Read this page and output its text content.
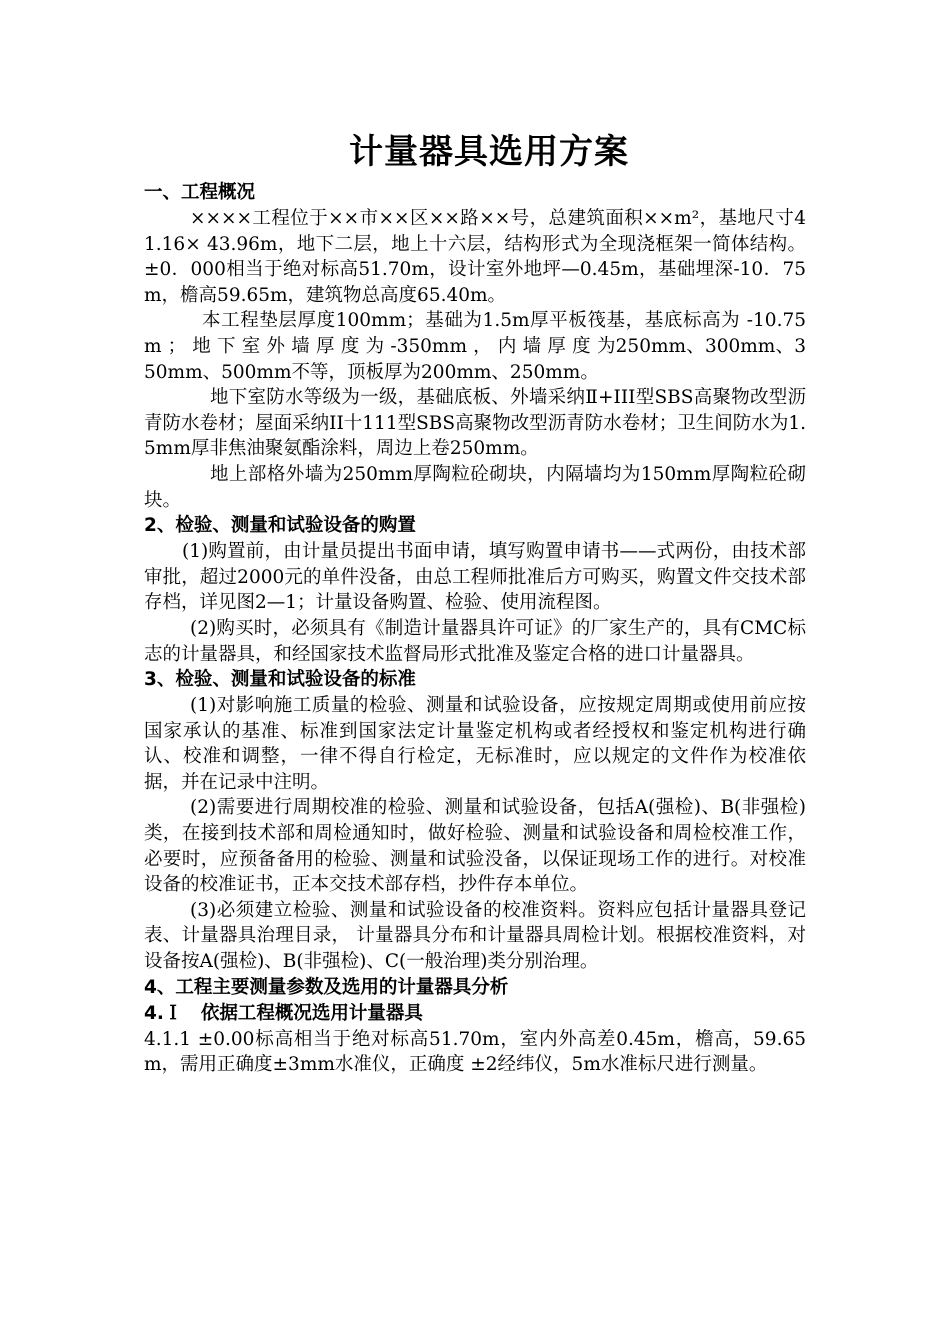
计量器具选用方案
一、工程概况

××××工程位于××市××区××路××号，总建筑面积××m²，基地尺寸41.16× 43.96m，地下二层，地上十六层，结构形式为全现浇框架一简体结构。±0．000相当于绝对标高51.70m，设计室外地坪—0.45m，基础埋深-10．75m，檐高59.65m，建筑物总高度65.40m。

本工程垫层厚度100mm；基础为1.5m厚平板筏基，基底标高为 -10.75m ； 地 下 室 外 墙 厚 度 为 -350mm ， 内 墙 厚 度 为250mm、300mm、350mm、500mm不等，顶板厚为200mm、250mm。

地下室防水等级为一级，基础底板、外墙采纳Ⅱ+III型SBS高聚物改型沥青防水卷材；屋面采纳II十111型SBS高聚物改型沥青防水卷材；卫生间防水为1.5mm厚非焦油聚氨酯涂料，周边上卷250mm。

地上部格外墙为250mm厚陶粒砼砌块，内隔墙均为150mm厚陶粒砼砌块。

2、检验、测量和试验设备的购置

(1)购置前，由计量员提出书面申请，填写购置申请书——式两份，由技术部审批，超过2000元的单件没备，由总工程师批准后方可购买，购置文件交技术部存档，详见图2—1；计量设备购置、检验、使用流程图。

(2)购买时，必须具有《制造计量器具许可证》的厂家生产的，具有CMC标志的计量器具，和经国家技术监督局形式批准及鉴定合格的进口计量器具。

3、检验、测量和试验设备的标准

(1)对影响施工质量的检验、测量和试验设备，应按规定周期或使用前应按国家承认的基准、标准到国家法定计量鉴定机构或者经授权和鉴定机构进行确认、校准和调整，一律不得自行检定，无标准时，应以规定的文件作为校准依据，并在记录中注明。

(2)需要进行周期校准的检验、测量和试验设备，包括A(强检)、B(非强检)类，在接到技术部和周检通知时，做好检验、测量和试验设备和周检校准工作，必要时，应预备备用的检验、测量和试验没备，以保证现场工作的进行。对校准设备的校准证书，正本交技术部存档，抄件存本单位。

(3)必须建立检验、测量和试验设备的校准资料。资料应包括计量器具登记表、计量器具治理目录， 计量器具分布和计量器具周检计划。根据校准资料，对设备按A(强检)、B(非强检)、C(一般治理)类分别治理。

4、工程主要测量参数及选用的计量器具分析
4.Ｉ　依据工程概况选用计量器具

4.1.1 ±0.00标高相当于绝对标高51.70m，室内外高差0.45m，檐高，59.65m，需用正确度±3mm水准仪，正确度 ±2经纬仪，5m水准标尺进行测量。
